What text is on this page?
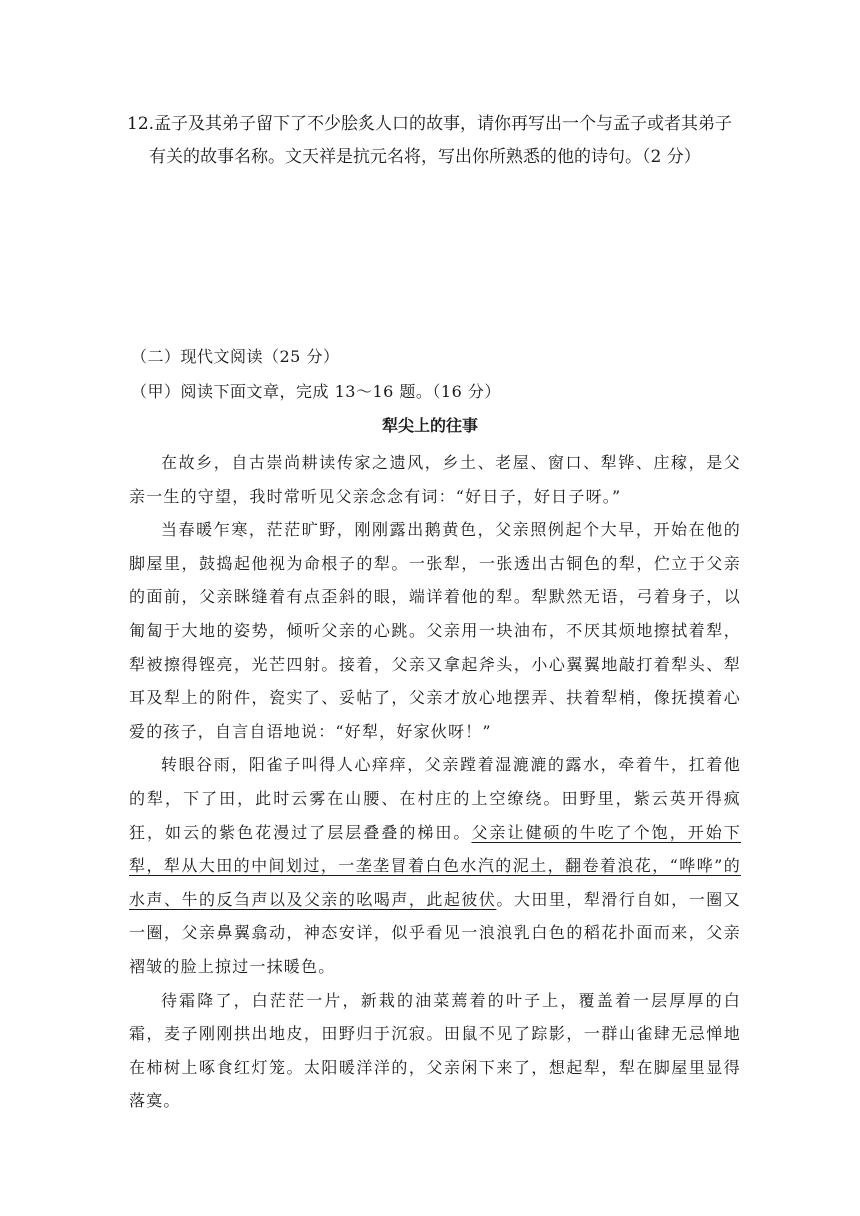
12.孟子及其弟子留下了不少脍炙人口的故事，请你再写出一个与孟子或者其弟子
有关的故事名称。文天祥是抗元名将，写出你所熟悉的他的诗句。（2 分）
（二）现代文阅读（25 分）
（甲）阅读下面文章，完成 13～16 题。（16 分）
犁尖上的往事

在故乡，自古崇尚耕读传家之遗风，乡土、老屋、窗口、犁铧、庄稼，是父亲一生的守望，我时常听见父亲念念有词：“好日子，好日子呀。”

当春暖乍寒，茫茫旷野，刚刚露出鹅黄色，父亲照例起个大早，开始在他的脚屋里，鼓捣起他视为命根子的犁。一张犁，一张透出古铜色的犁，伫立于父亲的面前，父亲眯缝着有点歪斜的眼，端详着他的犁。犁默然无语，弓着身子，以匍匐于大地的姿势，倾听父亲的心跳。父亲用一块油布，不厌其烦地擦拭着犁，犁被擦得铿亮，光芒四射。接着，父亲又拿起斧头，小心翼翼地敲打着犁头、犁耳及犁上的附件，瓷实了、妥帖了，父亲才放心地摆弄、扶着犁梢，像抚摸着心爱的孩子，自言自语地说：“好犁，好家伙呀！”

转眼谷雨，阳雀子叫得人心痒痒，父亲蹚着湿漉漉的露水，牵着牛，扛着他的犁，下了田，此时云雾在山腰、在村庄的上空缭绕。田野里，紫云英开得疯狂，如云的紫色花漫过了层层叠叠的梯田。父亲让健硕的牛吃了个饱，开始下犁，犁从大田的中间划过，一垄垄冒着白色水汽的泥土，翻卷着浪花，“哗哗”的水声、牛的反刍声以及父亲的吆喝声，此起彼伏。大田里，犁滑行自如，一圈又一圈，父亲鼻翼翕动，神态安详，似乎看见一浪浪乳白色的稻花扑面而来，父亲褶皱的脸上掠过一抹暖色。

待霜降了，白茫茫一片，新栽的油菜蔫着的叶子上，覆盖着一层厚厚的白霜，麦子刚刚拱出地皮，田野归于沉寂。田鼠不见了踪影，一群山雀肆无忌惮地在柿树上啄食红灯笼。太阳暖洋洋的，父亲闲下来了，想起犁，犁在脚屋里显得落寞。
